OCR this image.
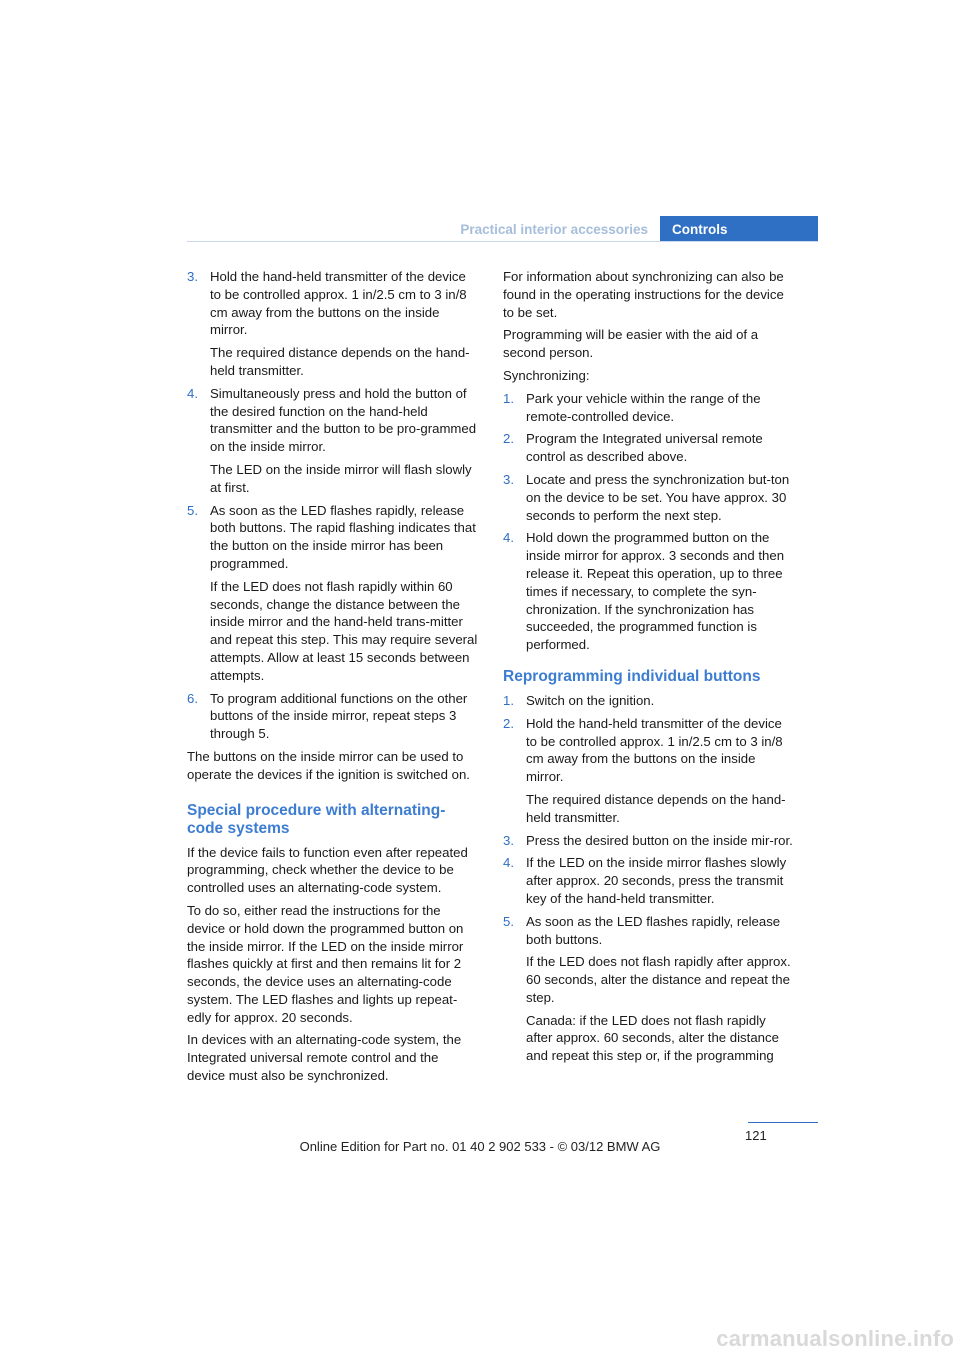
Practical interior accessories	Controls
3. Hold the hand-held transmitter of the device to be controlled approx. 1 in/2.5 cm to 3 in/8 cm away from the buttons on the inside mirror.
The required distance depends on the hand-held transmitter.
4. Simultaneously press and hold the button of the desired function on the hand-held transmitter and the button to be pro-grammed on the inside mirror.
The LED on the inside mirror will flash slowly at first.
5. As soon as the LED flashes rapidly, release both buttons. The rapid flashing indicates that the button on the inside mirror has been programmed.
If the LED does not flash rapidly within 60 seconds, change the distance between the inside mirror and the hand-held trans-mitter and repeat this step. This may require several attempts. Allow at least 15 seconds between attempts.
6. To program additional functions on the other buttons of the inside mirror, repeat steps 3 through 5.

The buttons on the inside mirror can be used to operate the devices if the ignition is switched on.

Special procedure with alternating-code systems

If the device fails to function even after repeated programming, check whether the device to be controlled uses an alternating-code system.

To do so, either read the instructions for the device or hold down the programmed button on the inside mirror. If the LED on the inside mirror flashes quickly at first and then remains lit for 2 seconds, the device uses an alternating-code system. The LED flashes and lights up repeat-edly for approx. 20 seconds.

In devices with an alternating-code system, the Integrated universal remote control and the device must also be synchronized.

For information about synchronizing can also be found in the operating instructions for the device to be set.

Programming will be easier with the aid of a second person.

Synchronizing:

1. Park your vehicle within the range of the remote-controlled device.
2. Program the Integrated universal remote control as described above.
3. Locate and press the synchronization but-ton on the device to be set. You have approx. 30 seconds to perform the next step.
4. Hold down the programmed button on the inside mirror for approx. 3 seconds and then release it. Repeat this operation, up to three times if necessary, to complete the syn-chronization. If the synchronization has succeeded, the programmed function is performed.
Reprogramming individual buttons
1. Switch on the ignition.
2. Hold the hand-held transmitter of the device to be controlled approx. 1 in/2.5 cm to 3 in/8 cm away from the buttons on the inside mirror.
The required distance depends on the hand-held transmitter.
3. Press the desired button on the inside mir-ror.
4. If the LED on the inside mirror flashes slowly after approx. 20 seconds, press the transmit key of the hand-held transmitter.
5. As soon as the LED flashes rapidly, release both buttons.
If the LED does not flash rapidly after approx. 60 seconds, alter the distance and repeat the step.
Canada: if the LED does not flash rapidly after approx. 60 seconds, alter the distance and repeat this step or, if the programming
121
Online Edition for Part no. 01 40 2 902 533 - © 03/12 BMW AG
carmanualsonline.info
